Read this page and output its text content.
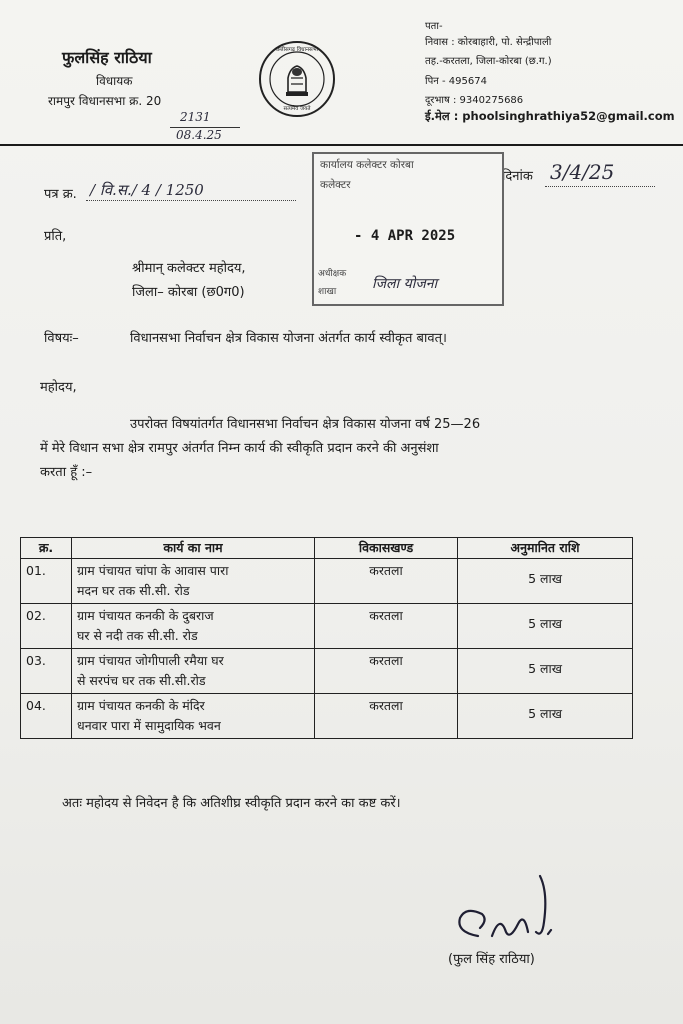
फुलसिंह राठिया
विधायक
रामपुर विधानसभा क्र. 20
2131
08.4.25
छत्तीसगढ़ विधानसभा
सत्यमेव जयते
पता-
निवास : कोरबाहारी, पो. सेन्द्रीपाली
तह.-करतला, जिला-कोरबा (छ.ग.)
पिन - 495674
दूरभाष : 9340275686
ई.मेल : phoolsinghrathiya52@gmail.com
पत्र क्र. / वि.स./ 4 / 1250
दिनांक 3/4/25
कार्यालय कलेक्टर कोरबा
कलेक्टर
- 4 APR 2025
अधीक्षक
शाखा	जिला योजना
प्रति,
श्रीमान् कलेक्टर महोदय,
जिला– कोरबा (छ0ग0)
विषयः–	विधानसभा निर्वाचन क्षेत्र विकास योजना अंतर्गत कार्य स्वीकृत बावत्।
महोदय,
उपरोक्त विषयांतर्गत विधानसभा निर्वाचन क्षेत्र विकास योजना वर्ष 25—26
में मेरे विधान सभा क्षेत्र रामपुर अंतर्गत निम्न कार्य की स्वीकृति प्रदान करने की अनुसंशा
करता हूँ :–
क्र.	कार्य का नाम	विकासखण्ड	अनुमानित राशि
01.	ग्राम पंचायत चांपा के आवास पारा
मदन घर तक सी.सी. रोड	करतला	5 लाख

02.	ग्राम पंचायत कनकी के दुबराज
घर से नदी तक सी.सी. रोड	करतला	5 लाख

03.	ग्राम पंचायत जोगीपाली रमैया घर
से सरपंच घर तक सी.सी.रोड	करतला	5 लाख

04.	ग्राम पंचायत कनकी के मंदिर
धनवार पारा में सामुदायिक भवन	करतला	5 लाख
अतः महोदय से निवेदन है कि अतिशीघ्र स्वीकृति प्रदान करने का कष्ट करें।
(फुल सिंह राठिया)
